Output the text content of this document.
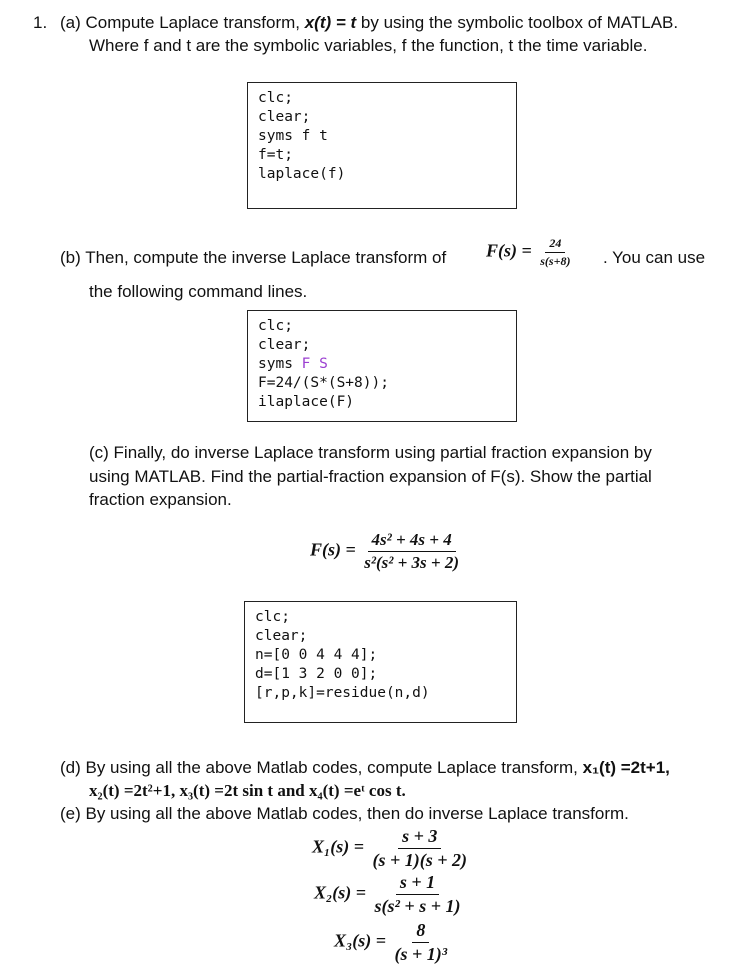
1. (a) Compute Laplace transform, x(t) = t by using the symbolic toolbox of MATLAB.
Where f and t are the symbolic variables, f the function, t the time variable.
clc;
clear;
syms f t
f=t;
laplace(f)
(b) Then, compute the inverse Laplace transform of $F(s) = \frac{24}{s(s+8)}$ . You can use
the following command lines.
clc;
clear;
syms F S
F=24/(S*(S+8));
ilaplace(F)
(c) Finally, do inverse Laplace transform using partial fraction expansion by
using MATLAB. Find the partial-fraction expansion of F(s). Show the partial
fraction expansion.
$F(s) = \frac{\text{4s² + 4s + 4}}{\text{s²(s² + 3s + 2)}}$
clc;
clear;
n=[0 0 4 4 4];
d=[1 3 2 0 0];
[r,p,k]=residue(n,d)
(d) By using all the above Matlab codes, compute Laplace transform, x₁(t) =2t+1,
x₂(t) =2t²+1, x₃(t) =2t sin t and x₄(t) =eᵗ cos t.
(e) By using all the above Matlab codes, then do inverse Laplace transform.
$X_1(s) = \frac{s + 3}{(s + 1)(s + 2)}$
$X_2(s) = \frac{s + 1}{\text{s(s² + s + 1)}}$
$X_3(s) = \frac{8}{\text{(s + 1)³}}$
